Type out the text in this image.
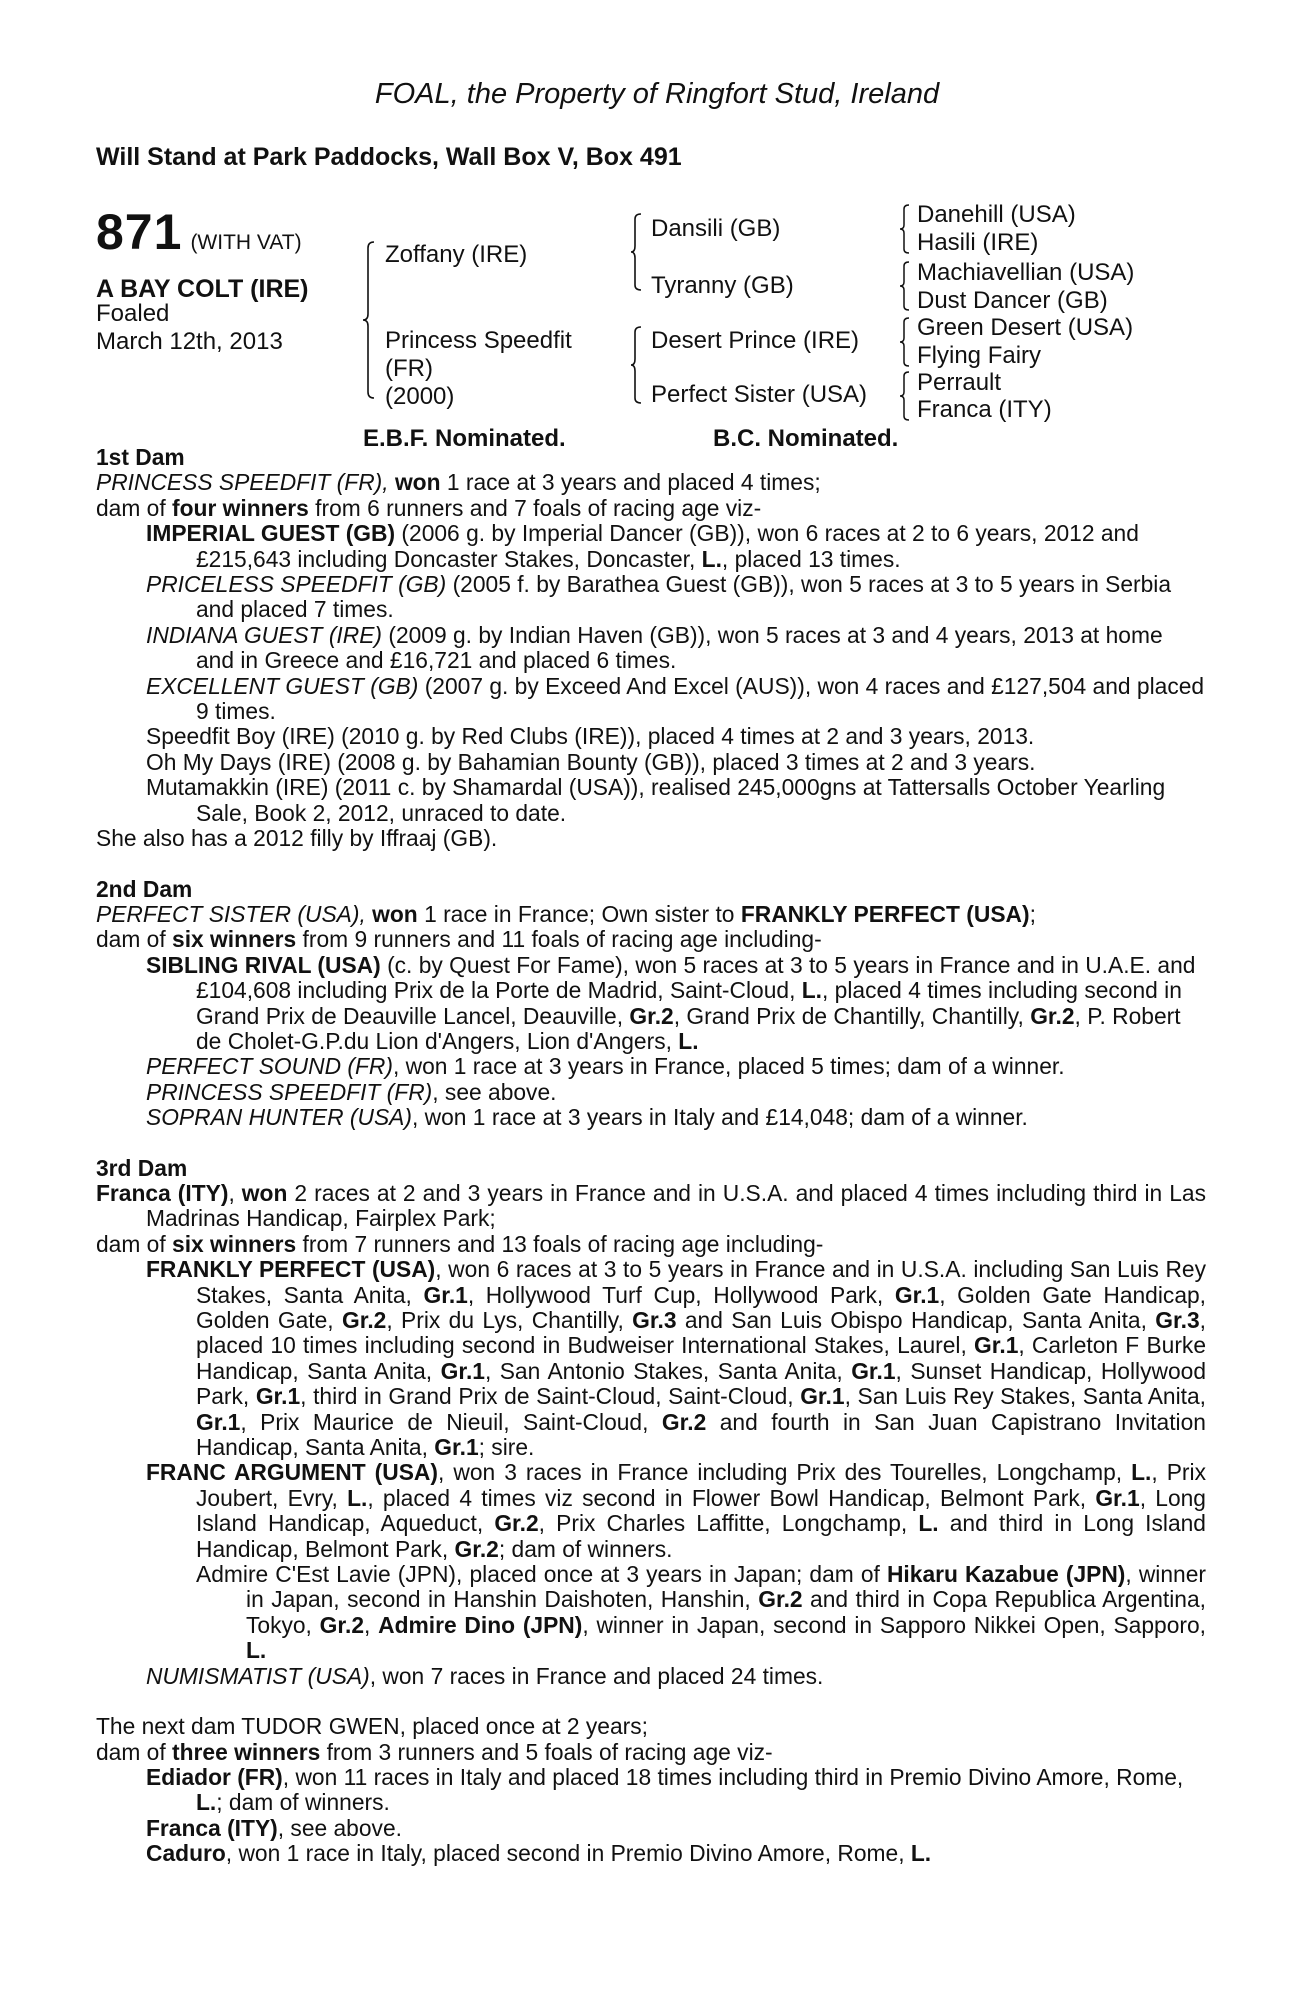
FOAL, the Property of Ringfort Stud, Ireland

Will Stand at Park Paddocks, Wall Box V, Box 491

871 (WITH VAT)

A BAY COLT (IRE)

Foaled
March 12th, 2013

Zoffany (IRE)

Princess Speedfit
(FR)
(2000)

Dansili (GB)

Tyranny (GB)

Desert Prince (IRE)

Perfect Sister (USA)

Danehill (USA)

Hasili (IRE)

Machiavellian (USA)

Dust Dancer (GB)

Green Desert (USA)

Flying Fairy

Perrault

Franca (ITY)

E.B.F. Nominated.	B.C. Nominated.

1st Dam

PRINCESS SPEEDFIT (FR), won 1 race at 3 years and placed 4 times;

dam of four winners from 6 runners and 7 foals of racing age viz-

IMPERIAL GUEST (GB) (2006 g. by Imperial Dancer (GB)), won 6 races at 2 to 6 years, 2012 and £215,643 including Doncaster Stakes, Doncaster, L., placed 13 times.

PRICELESS SPEEDFIT (GB) (2005 f. by Barathea Guest (GB)), won 5 races at 3 to 5 years in Serbia and placed 7 times.

INDIANA GUEST (IRE) (2009 g. by Indian Haven (GB)), won 5 races at 3 and 4 years, 2013 at home and in Greece and £16,721 and placed 6 times.

EXCELLENT GUEST (GB) (2007 g. by Exceed And Excel (AUS)), won 4 races and £127,504 and placed 9 times.

Speedfit Boy (IRE) (2010 g. by Red Clubs (IRE)), placed 4 times at 2 and 3 years, 2013.

Oh My Days (IRE) (2008 g. by Bahamian Bounty (GB)), placed 3 times at 2 and 3 years.

Mutamakkin (IRE) (2011 c. by Shamardal (USA)), realised 245,000gns at Tattersalls October Yearling Sale, Book 2, 2012, unraced to date.

She also has a 2012 filly by Iffraaj (GB).

2nd Dam

PERFECT SISTER (USA), won 1 race in France; Own sister to FRANKLY PERFECT (USA);

dam of six winners from 9 runners and 11 foals of racing age including-

SIBLING RIVAL (USA) (c. by Quest For Fame), won 5 races at 3 to 5 years in France and in U.A.E. and £104,608 including Prix de la Porte de Madrid, Saint-Cloud, L., placed 4 times including second in Grand Prix de Deauville Lancel, Deauville, Gr.2, Grand Prix de Chantilly, Chantilly, Gr.2, P. Robert de Cholet-G.P.du Lion d'Angers, Lion d'Angers, L.

PERFECT SOUND (FR), won 1 race at 3 years in France, placed 5 times; dam of a winner.

PRINCESS SPEEDFIT (FR), see above.

SOPRAN HUNTER (USA), won 1 race at 3 years in Italy and £14,048; dam of a winner.

3rd Dam

Franca (ITY), won 2 races at 2 and 3 years in France and in U.S.A. and placed 4 times including third in Las Madrinas Handicap, Fairplex Park;

dam of six winners from 7 runners and 13 foals of racing age including-

FRANKLY PERFECT (USA), won 6 races at 3 to 5 years in France and in U.S.A. including San Luis Rey Stakes, Santa Anita, Gr.1, Hollywood Turf Cup, Hollywood Park, Gr.1, Golden Gate Handicap, Golden Gate, Gr.2, Prix du Lys, Chantilly, Gr.3 and San Luis Obispo Handicap, Santa Anita, Gr.3, placed 10 times including second in Budweiser International Stakes, Laurel, Gr.1, Carleton F Burke Handicap, Santa Anita, Gr.1, San Antonio Stakes, Santa Anita, Gr.1, Sunset Handicap, Hollywood Park, Gr.1, third in Grand Prix de Saint-Cloud, Saint-Cloud, Gr.1, San Luis Rey Stakes, Santa Anita, Gr.1, Prix Maurice de Nieuil, Saint-Cloud, Gr.2 and fourth in San Juan Capistrano Invitation Handicap, Santa Anita, Gr.1; sire.

FRANC ARGUMENT (USA), won 3 races in France including Prix des Tourelles, Longchamp, L., Prix Joubert, Evry, L., placed 4 times viz second in Flower Bowl Handicap, Belmont Park, Gr.1, Long Island Handicap, Aqueduct, Gr.2, Prix Charles Laffitte, Longchamp, L. and third in Long Island Handicap, Belmont Park, Gr.2; dam of winners.

Admire C'Est Lavie (JPN), placed once at 3 years in Japan; dam of Hikaru Kazabue (JPN), winner in Japan, second in Hanshin Daishoten, Hanshin, Gr.2 and third in Copa Republica Argentina, Tokyo, Gr.2, Admire Dino (JPN), winner in Japan, second in Sapporo Nikkei Open, Sapporo, L.

NUMISMATIST (USA), won 7 races in France and placed 24 times.

The next dam TUDOR GWEN, placed once at 2 years;

dam of three winners from 3 runners and 5 foals of racing age viz-

Ediador (FR), won 11 races in Italy and placed 18 times including third in Premio Divino Amore, Rome, L.; dam of winners.

Franca (ITY), see above.

Caduro, won 1 race in Italy, placed second in Premio Divino Amore, Rome, L.
